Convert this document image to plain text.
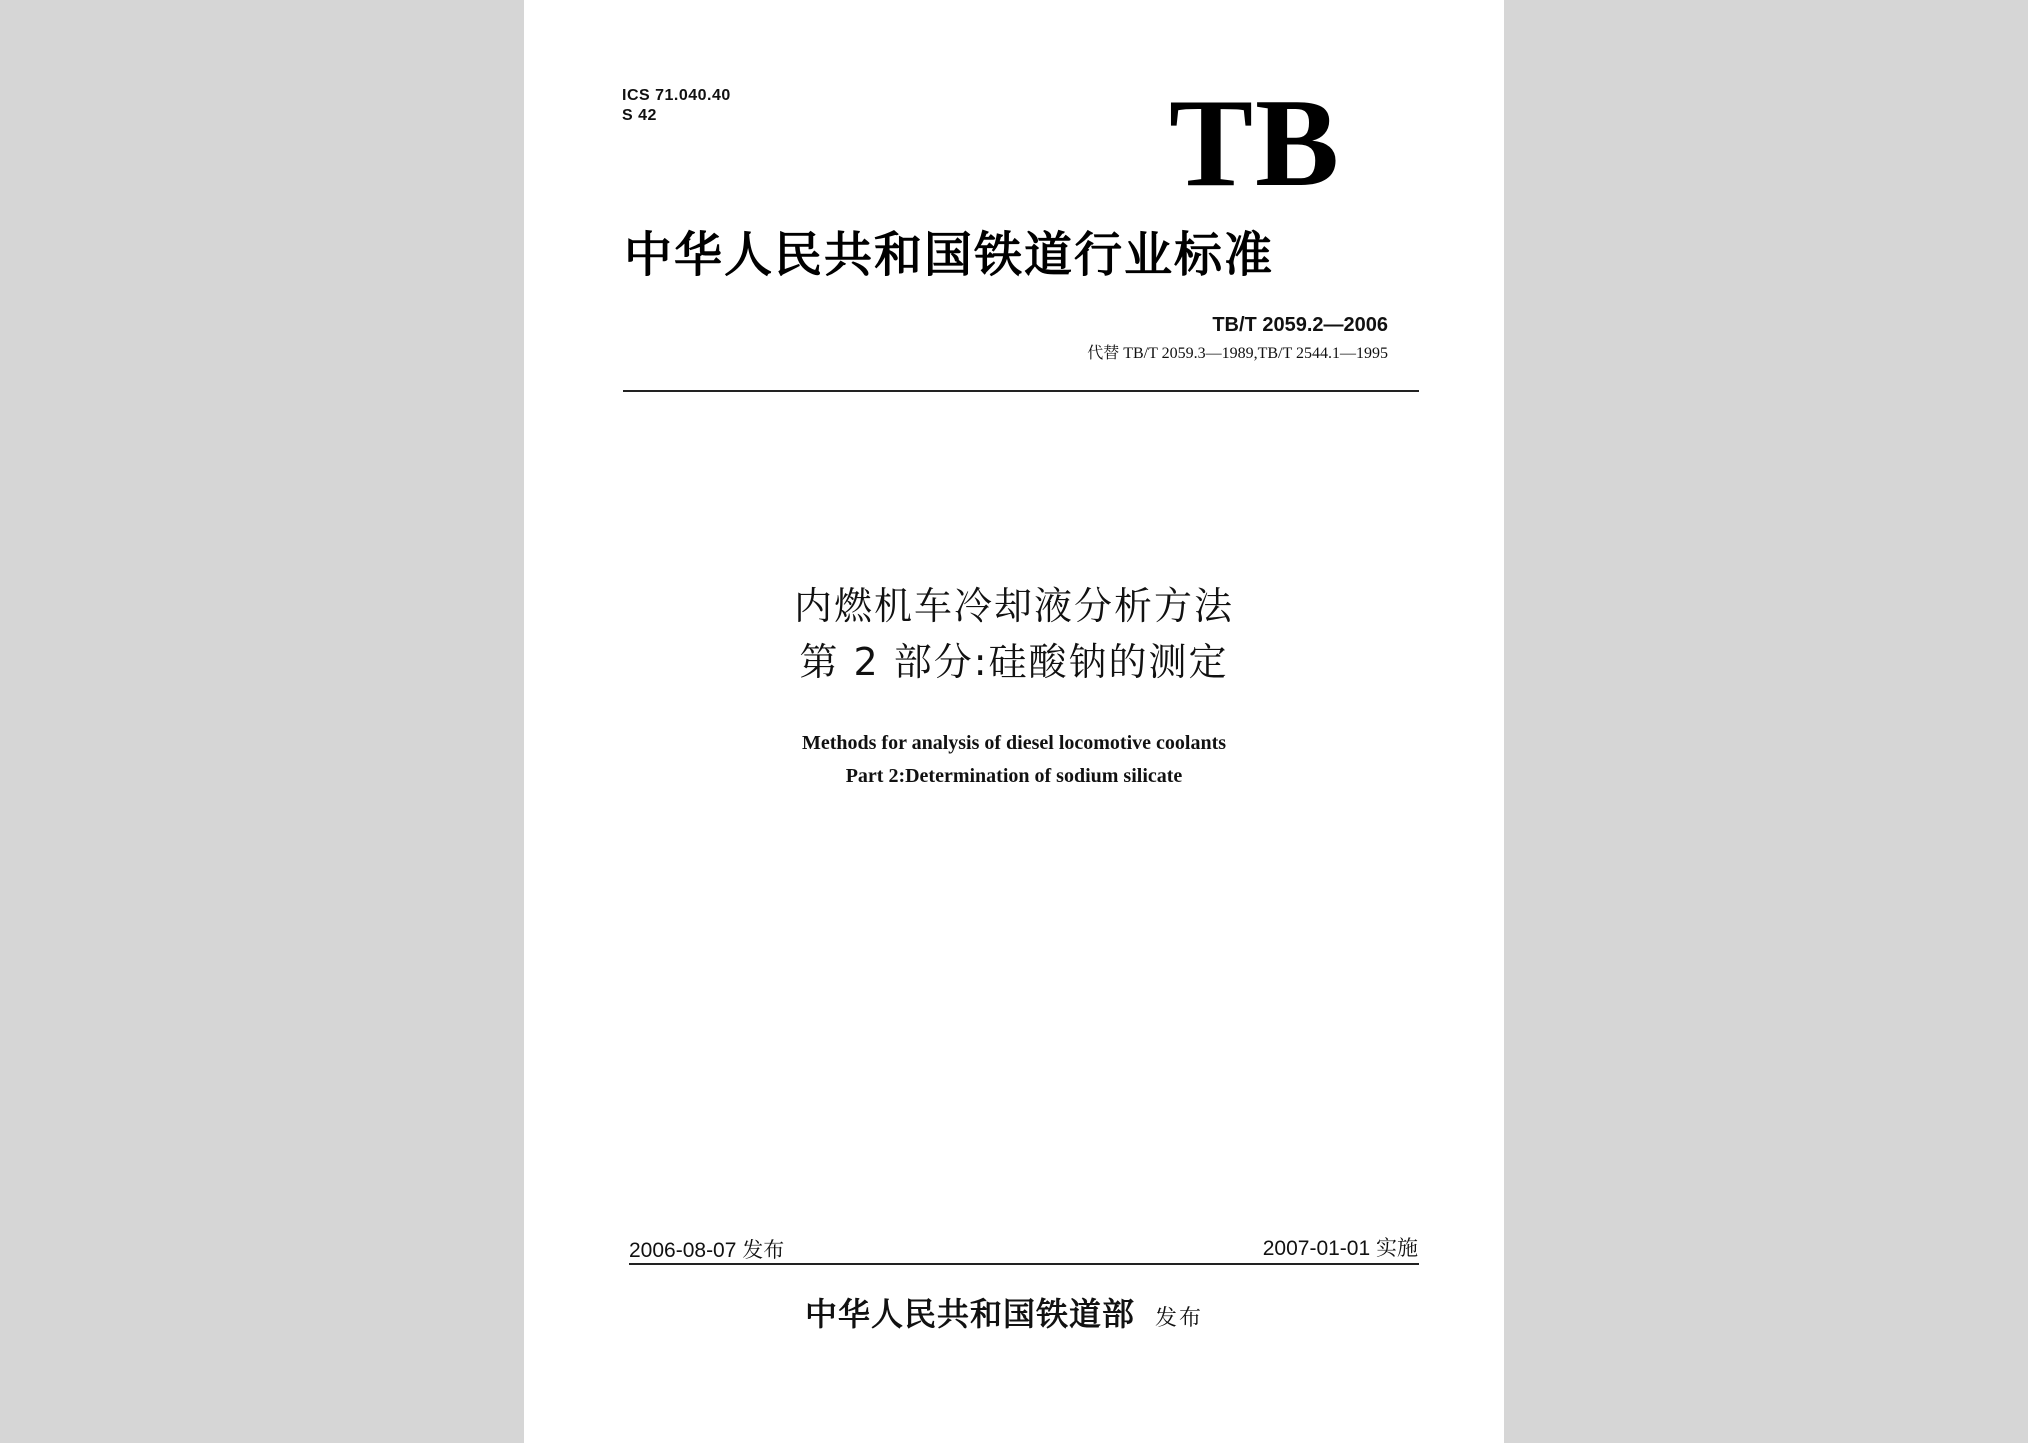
ICS 71.040.40
S 42	TB
中华人民共和国铁道行业标准
TB/T 2059.2—2006
代替 TB/T 2059.3—1989,TB/T 2544.1—1995
内燃机车冷却液分析方法
第 2 部分:硅酸钠的测定
Methods for analysis of diesel locomotive coolants
Part 2:Determination of sodium silicate
2006-08-07 发布	2007-01-01 实施
中华人民共和国铁道部 发布
